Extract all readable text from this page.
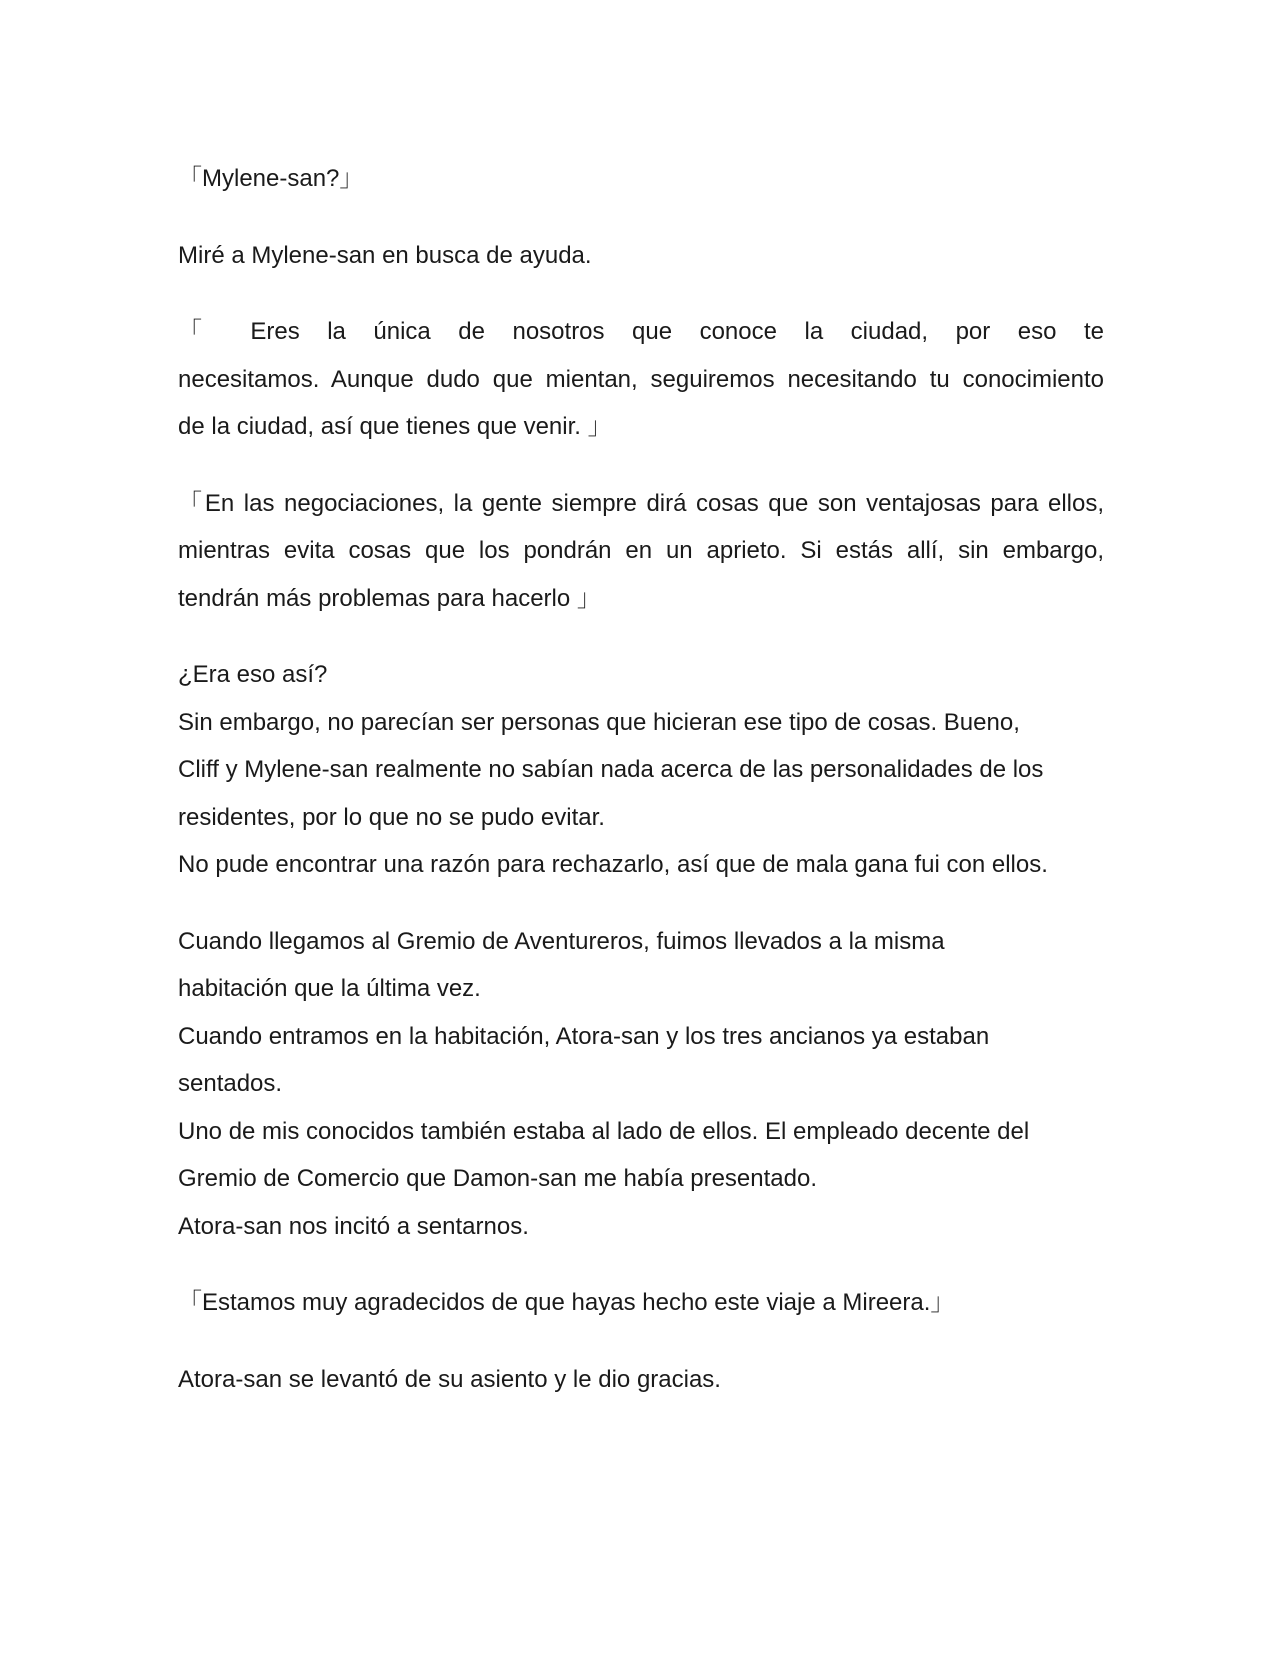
「Mylene-san?」

Miré a Mylene-san en busca de ayuda.

「 Eres la única de nosotros que conoce la ciudad, por eso te

necesitamos. Aunque dudo que mientan, seguiremos necesitando tu conocimiento

de la ciudad, así que tienes que venir. 」

「En las negociaciones, la gente siempre dirá cosas que son ventajosas para ellos,

mientras evita cosas que los pondrán en un aprieto. Si estás allí, sin embargo,

tendrán más problemas para hacerlo 」

¿Era eso así?

Sin embargo, no parecían ser personas que hicieran ese tipo de cosas. Bueno,

Cliff y Mylene-san realmente no sabían nada acerca de las personalidades de los

residentes, por lo que no se pudo evitar.

No pude encontrar una razón para rechazarlo, así que de mala gana fui con ellos.

Cuando llegamos al Gremio de Aventureros, fuimos llevados a la misma

habitación que la última vez.

Cuando entramos en la habitación, Atora-san y los tres ancianos ya estaban

sentados.

Uno de mis conocidos también estaba al lado de ellos. El empleado decente del

Gremio de Comercio que Damon-san me había presentado.

Atora-san nos incitó a sentarnos.

「Estamos muy agradecidos de que hayas hecho este viaje a Mireera.」

Atora-san se levantó de su asiento y le dio gracias.
